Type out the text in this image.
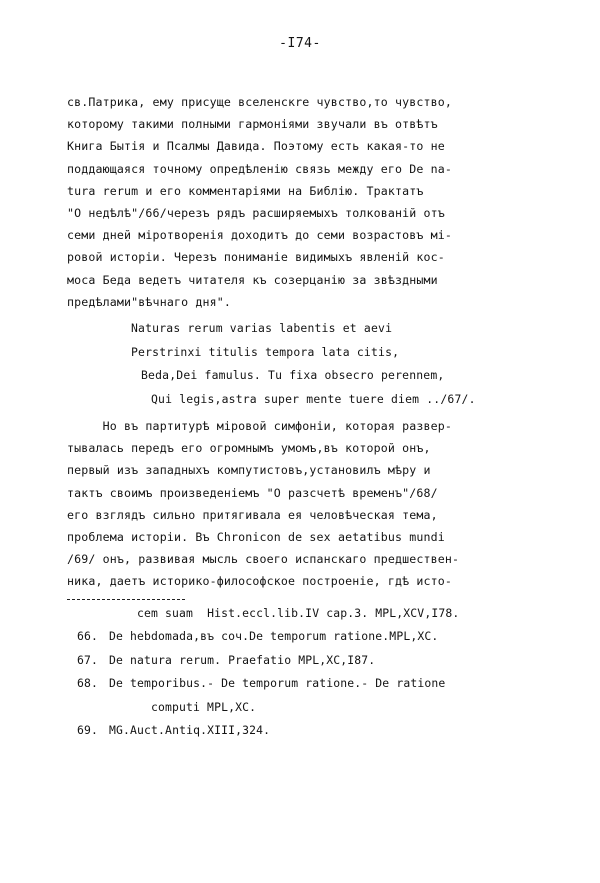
-I74-
св.Патрика, ему присуще вселенскrе чувство,то чувство,
которому такими полными гармоніями звучали въ отвѣтъ
Книга Бытія и Псалмы Давида. Поэтому есть какая-то не
поддающаяся точному опредѣленію связь между его De na-
tura rerum и его комментаріями на Библію. Трактатъ
"О недѣлѣ"/66/черезъ рядъ расширяемыхъ толкованій отъ
семи дней міротворенія доходитъ до семи возрастовъ мі-
ровой исторіи. Черезъ пониманіе видимыхъ явленій кос-
моса Беда ведетъ читателя къ созерцанію за звѣздными
предѣлами"вѣчнаго дня".
Naturas rerum varias labentis et aevi
Perstrinxi titulis tempora lata citis,
Beda,Dei famulus. Tu fixa obsecro perennem,
Qui legis,astra super mente tuere diem ../67/.
Но въ партитурѣ міровой симфоніи, которая развер-
тывалась передъ его огромнымъ умомъ,въ которой онъ,
первый изъ западныхъ компутистовъ,установилъ мѣру и
тактъ своимъ произведеніемъ "О разсчетѣ временъ"/68/
его взглядъ сильно притягивала ея человѣческая тема,
проблема исторіи. Въ Chronicon de sex aetatibus mundi
/69/ онъ, развивая мысль своего испанскаго предшествен-
ника, даетъ историко-философское построеніе, гдѣ исто-
cem suam  Hist.eccl.lib.IV cap.3. MPL,XCV,I78.
66. De hebdomada,въ соч.De temporum ratione.MPL,XC.
67. De natura rerum. Praefatio MPL,XC,I87.
68. De temporibus.- De temporum ratione.- De ratione
computi MPL,XC.
69. MG.Auct.Antiq.XIII,324.
